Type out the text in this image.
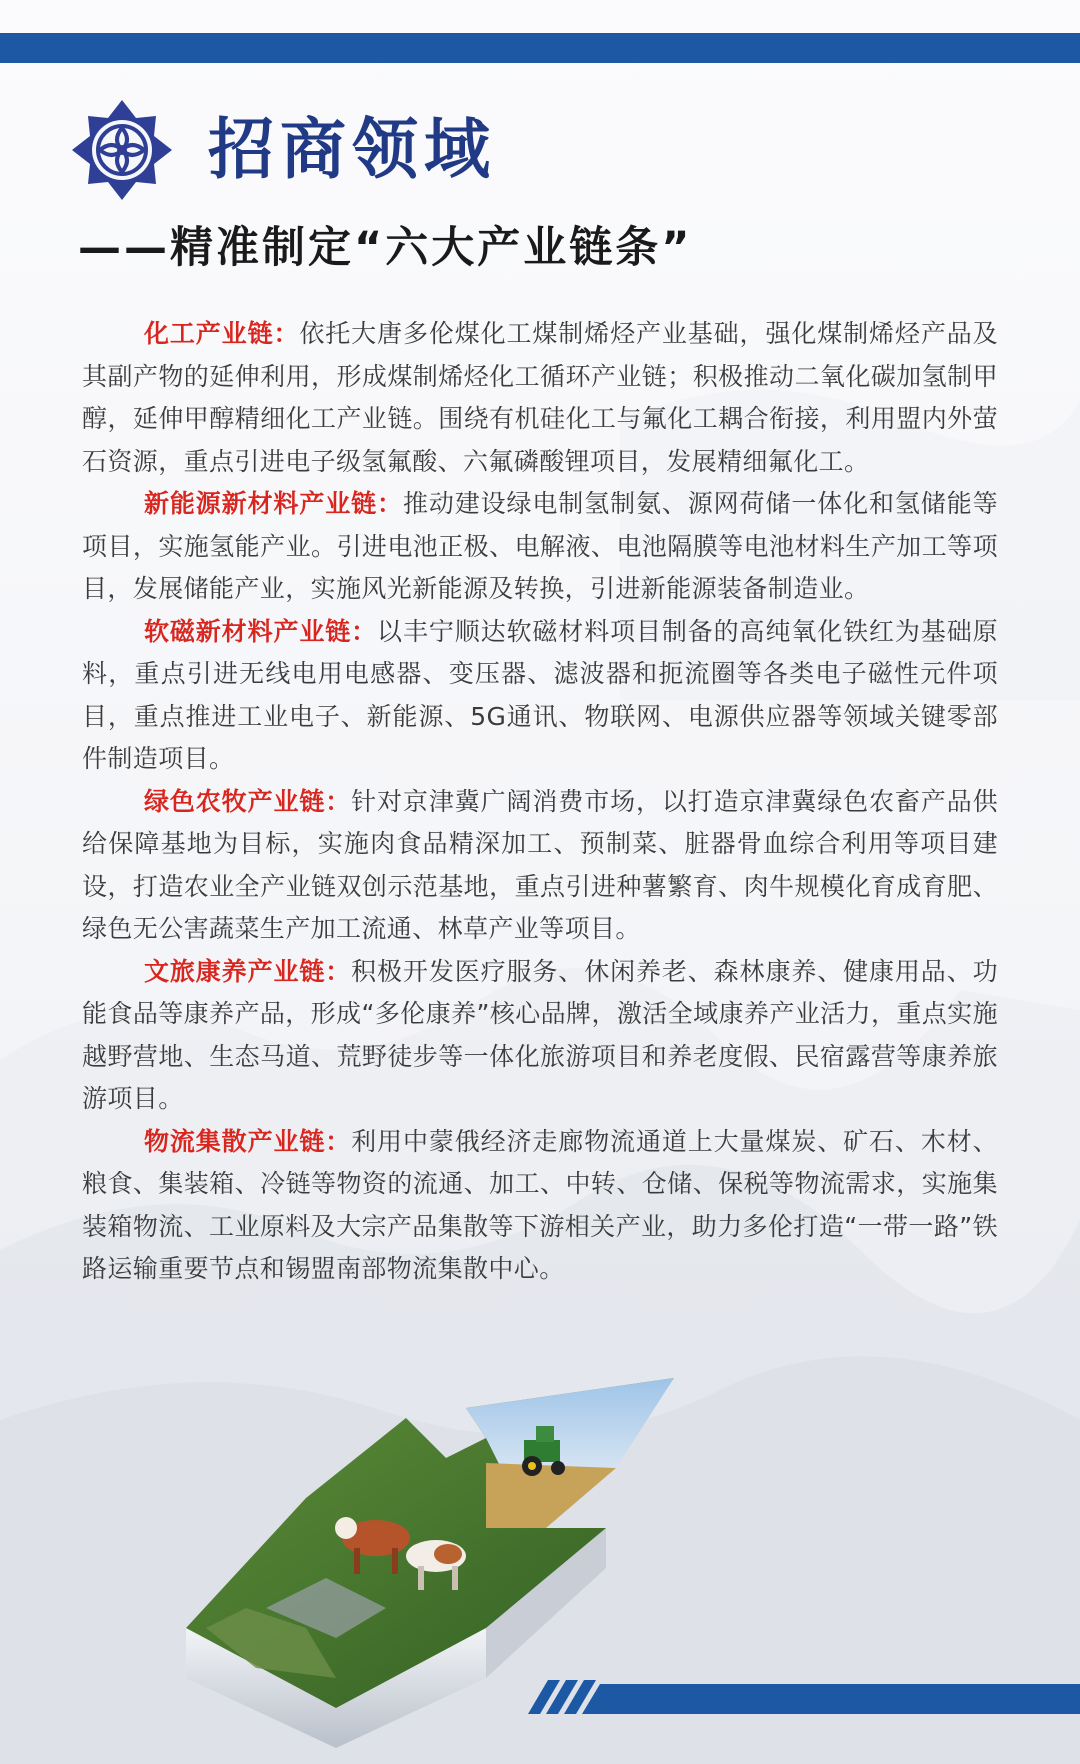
招商领域
——精准制定“六大产业链条”

化工产业链：依托大唐多伦煤化工煤制烯烃产业基础，强化煤制烯烃产品及其副产物的延伸利用，形成煤制烯烃化工循环产业链；积极推动二氧化碳加氢制甲醇，延伸甲醇精细化工产业链。围绕有机硅化工与氟化工耦合衔接，利用盟内外萤石资源，重点引进电子级氢氟酸、六氟磷酸锂项目，发展精细氟化工。

新能源新材料产业链：推动建设绿电制氢制氨、源网荷储一体化和氢储能等项目，实施氢能产业。引进电池正极、电解液、电池隔膜等电池材料生产加工等项目，发展储能产业，实施风光新能源及转换，引进新能源装备制造业。

软磁新材料产业链：以丰宁顺达软磁材料项目制备的高纯氧化铁红为基础原料，重点引进无线电用电感器、变压器、滤波器和扼流圈等各类电子磁性元件项目，重点推进工业电子、新能源、5G通讯、物联网、电源供应器等领域关键零部件制造项目。

绿色农牧产业链：针对京津冀广阔消费市场，以打造京津冀绿色农畜产品供给保障基地为目标，实施肉食品精深加工、预制菜、脏器骨血综合利用等项目建设，打造农业全产业链双创示范基地，重点引进种薯繁育、肉牛规模化育成育肥、绿色无公害蔬菜生产加工流通、林草产业等项目。

文旅康养产业链：积极开发医疗服务、休闲养老、森林康养、健康用品、功能食品等康养产品，形成“多伦康养”核心品牌，激活全域康养产业活力，重点实施越野营地、生态马道、荒野徒步等一体化旅游项目和养老度假、民宿露营等康养旅游项目。

物流集散产业链：利用中蒙俄经济走廊物流通道上大量煤炭、矿石、木材、粮食、集装箱、冷链等物资的流通、加工、中转、仓储、保税等物流需求，实施集装箱物流、工业原料及大宗产品集散等下游相关产业，助力多伦打造“一带一路”铁路运输重要节点和锡盟南部物流集散中心。
